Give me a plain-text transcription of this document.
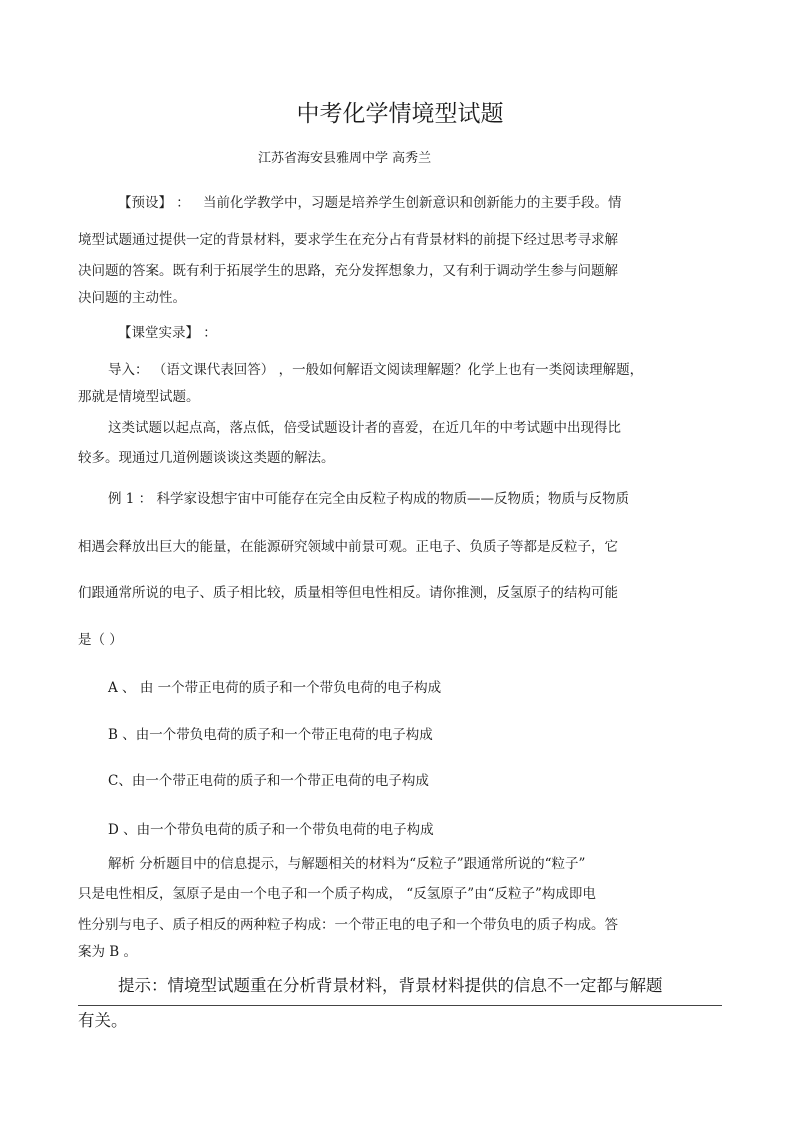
中考化学情境型试题
江苏省海安县雅周中学 高秀兰
【预设】 ： 当前化学教学中，习题是培养学生创新意识和创新能力的主要手段。情
境型试题通过提供一定的背景材料，要求学生在充分占有背景材料的前提下经过思考寻求解
决问题的答案。既有利于拓展学生的思路，充分发挥想象力，又有利于调动学生参与问题解
决问题的主动性。
【课堂实录】 ：
导入： （语文课代表回答） ，一般如何解语文阅读理解题？化学上也有一类阅读理解题，
那就是情境型试题。
这类试题以起点高，落点低，倍受试题设计者的喜爱，在近几年的中考试题中出现得比
较多。现通过几道例题谈谈这类题的解法。
例 1 ： 科学家设想宇宙中可能存在完全由反粒子构成的物质——反物质；物质与反物质
相遇会释放出巨大的能量，在能源研究领域中前景可观。正电子、负质子等都是反粒子，它
们跟通常所说的电子、质子相比较，质量相等但电性相反。请你推测，反氢原子的结构可能
是（ ）
A 、 由 一个带正电荷的质子和一个带负电荷的电子构成
B 、由一个带负电荷的质子和一个带正电荷的电子构成
C、由一个带正电荷的质子和一个带正电荷的电子构成
D 、由一个带负电荷的质子和一个带负电荷的电子构成
解析 分析题目中的信息提示，与解题相关的材料为“反粒子”跟通常所说的“粒子”
只是电性相反，氢原子是由一个电子和一个质子构成， “反氢原子”由“反粒子”构成即电
性分别与电子、质子相反的两种粒子构成：一个带正电的电子和一个带负电的质子构成。答
案为 B 。
提示：情境型试题重在分析背景材料，背景材料提供的信息不一定都与解题
有关。
